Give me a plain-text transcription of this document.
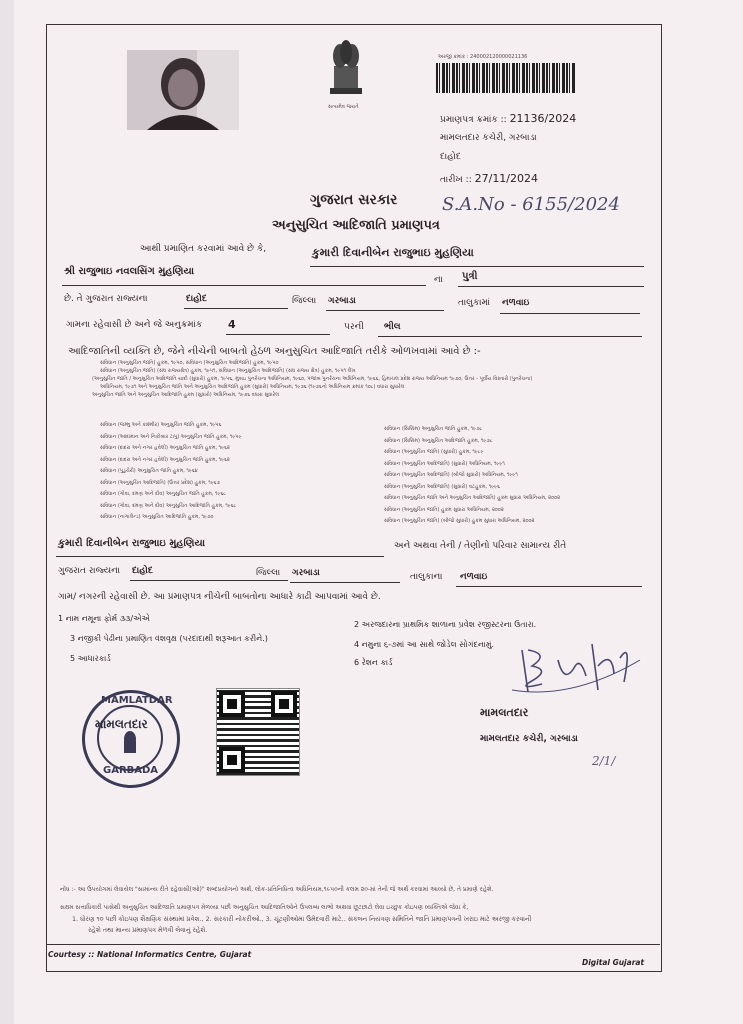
સત્યમેવ જયતે
અરજી ક્રમાંક : 240002120000021136
પ્રમાણપત્ર ક્રમાંક :: 21136/2024
મામલતદાર કચેરી, ગરબાડા
દાહોદ
તારીખ :: 27/11/2024
ગુજરાત સરકાર
અનુસુચિત આદિજાતિ પ્રમાણપત્ર
S.A.No - 6155/2024
આથી પ્રમાણિત કરવામાં આવે છે કે,	કુમારી દિવાનીબેન રાજુભાઇ મુહણિયા
શ્રી રાજુભાઇ નવલસિંગ મુહણિયા
ના પુત્રી
છે. તે ગુજરાત રાજ્યના	દાહોદ	જિલ્લા ગરબાડા	તાલુકામાં નળવાઇ
ગામના રહેવાસી છે અને જે અનુક્રમાંક 4	પરની ભીલ
આદિજાતિની વ્યક્તિ છે, જેને નીચેની બાબતો હેઠળ અનુસુચિત આદિજાતિ તરીકે ઓળખવામાં આવે છે :-
સંવિધાન (અનુસુચિત જાતિ) હુકમ, ૧૯૫૦, સંવિધાન (અનુસુચિત આદિજાતિ) હુકમ, ૧૯૫૦
સંવિધાન (અનુસુચિત જાતિ) (સંઘ રાજ્યક્ષેત્ર) હુકમ, ૧૯૫૧, સંવિધાન (અનુસુચિત આદિજાતિ) (સંઘ રાજ્ય ક્ષેત્ર) હુકમ, ૧૯૫૧ લેખ
(અનુસુચિત જાતિ / અનુસુચિત આદિજાતિ યાદી (સુધારો) હુકમ, ૧૯૫૬, મુંબઇ પુનર્રચના અધિનિયમ, ૧૯૬૦, પંજાબ પુનર્રચના અધિનિયમ, ૧૯૬૬, હિમાચલ પ્રદેશ રાજ્ય અધિનિયમ ૧૯૭૦, ઉત્તર - પૂર્વીય વિસ્તારો (પુનર્રચના)
અધિનિયમ, ૧૯૭૧ અને અનુસુચિત જાતિ અને અનુસુચિત આદિજાતિ હુકમ (સુધારો) અધિનિયમ, ૧૯૭૬ (૧૯૭૬નો અધિનિયમ ક્રમાંક ૧૦૮) વધારા સુધારેલ
અનુસુચિત જાતિ અને અનુસુચિત આદિજાતિ હુકમ (સુધારો) અધિનિયમ, ૧૯૭૬ વધારા સુધારેલ
સંવિધાન (જમ્મુ અને કાશ્મીર) અનુસુચિત જાતિ હુકમ, ૧૯૫૬
સંવિધાન (આંદામાન અને નિકોબાર ટાપુ) અનુસુચિત જાતિ હુકમ, ૧૯૫૯
સંવિધાન (દાદરા અને નગર હવેલી) અનુસુચિત જાતિ હુકમ, ૧૯૬૨
સંવિધાન (દાદરા અને નગર હવેલી) અનુસુચિત જાતિ હુકમ, ૧૯૬૨
સંવિધાન (પુડુચેરી) અનુસુચિત જાતિ હુકમ, ૧૯૬૪
સંવિધાન (અનુસુચિત આદિજાતિ) (ઉત્તર પ્રદેશ) હુકમ, ૧૯૬૭
સંવિધાન (ગોવા, દમણ અને દીવ) અનુસુચિત જાતિ હુકમ, ૧૯૬૮
સંવિધાન (ગોવા, દમણ અને દીવ) અનુસુચિત આદિજાતિ હુકમ, ૧૯૬૮
સંવિધાન (નાગાલેન્ડ) અનુસુચિત આદિજાતિ હુકમ, ૧૯૭૦
સંવિધાન (સિક્કિમ) અનુસુચિત જાતિ હુકમ, ૧૯૭૮
સંવિધાન (સિક્કિમ) અનુસુચિત આદિજાતિ હુકમ, ૧૯૭૮
સંવિધાન (અનુસુચિત જાતિ) (સુધારો) હુકમ, ૧૯૮૯
સંવિધાન (અનુસુચિત આદિજાતિ) (સુધારો) અધિનિયમ, ૧૯૯૧
સંવિધાન (અનુસુચિત આદિજાતિ) (બીજો સુધારો) અધિનિયમ, ૧૯૯૧
સંવિધાન (અનુસુચિત આદિજાતિ) (સુધારો) વટહુકમ, ૧૯૯૬
સંવિધાન (અનુસુચિત જાતિ અને અનુસુચિત આદિજાતિ) હુકમ સુધારા અધિનિયમ, ૨૦૦૨
સંવિધાન (અનુસુચિત જાતિ) હુકમ સુધારા અધિનિયમ, ૨૦૦૨
સંવિધાન (અનુસુચિત જાતિ) (બીજો સુધારો) હુકમ સુધારા અધિનિયમ, ૨૦૦૨
કુમારી દિવાનીબેન રાજુભાઇ મુહણિયા	અને અથવા તેની / તેણીનો પરિવાર સામાન્ય રીતે
ગુજરાત રાજ્યના દાહોદ	જિલ્લા ગરબાડા	તાલુકાના નળવાઇ
ગામ/ નગરની રહેવાસી છે. આ પ્રમાણપત્ર નીચેની બાબતોના આધારે કાઢી આપવામાં આવે છે.
1 નામ નમૂના ફોર્મ ૩૩/એએ
2 અરજદારના પ્રાથમિક શાળાના પ્રવેશ રજીસ્ટરના ઉતારા.
3 નજીકી પેઢીના પ્રમાણિત વંશવૃક્ષ (પરદાદાથી શરૂઆત કરીને.)
4 નમુના ૬-૭માં આ સાથે જોડેલ સોગંદનામું.
5 આધારકાર્ડ	6 રેશન કાર્ડ
MAMLATDAR
GARBADA
મામલતદાર
મામલતદાર
મામલતદાર કચેરી, ગરબાડા
2/1/
નોંધ :- આ ઉપયોગમાં લેવાયેલ "સામાન્ય રીતે રહેવાસી(ઓ)" શબ્દપ્રયોગનો અર્થ, લોક-પ્રતિનિધિત્વ અધિનિયમ,૧૯૫૦ની કલમ ૨૦-માં તેની જે અર્થ કરવામાં આવ્યો છે, તે પ્રમાણે રહેશે.
સક્ષમ સત્તાધિકારી પાસેથી અનુસુચિત આદિજાતિ પ્રમાણપત્ર મેળવ્યા પછી અનુસુચિત આદિજાતિઓને ઉપલબ્ધ લાભો અથવા છૂટછાટો લેવા ઇચ્છુક કોઇપણ વ્યક્તિએ જેવા કે,
1. ધોરણ ૧૦ પછી કોઇપણ શૈક્ષણિક સંસ્થામાં પ્રવેશ., 2. સરકારી નોકરીઓ., 3. ચૂંટણીઓમાં ઉમેદવારી માટે.. સંકલન નિયંત્રણ સમિતિને જાતિ પ્રમાણપત્રની ખરાઇ માટે અરજી કરવાની
રહેશે તથા માન્ય પ્રમાણપત્ર મેળવી લેવાનું રહેશે.
Courtesy :: National Informatics Centre, Gujarat
Digital Gujarat
